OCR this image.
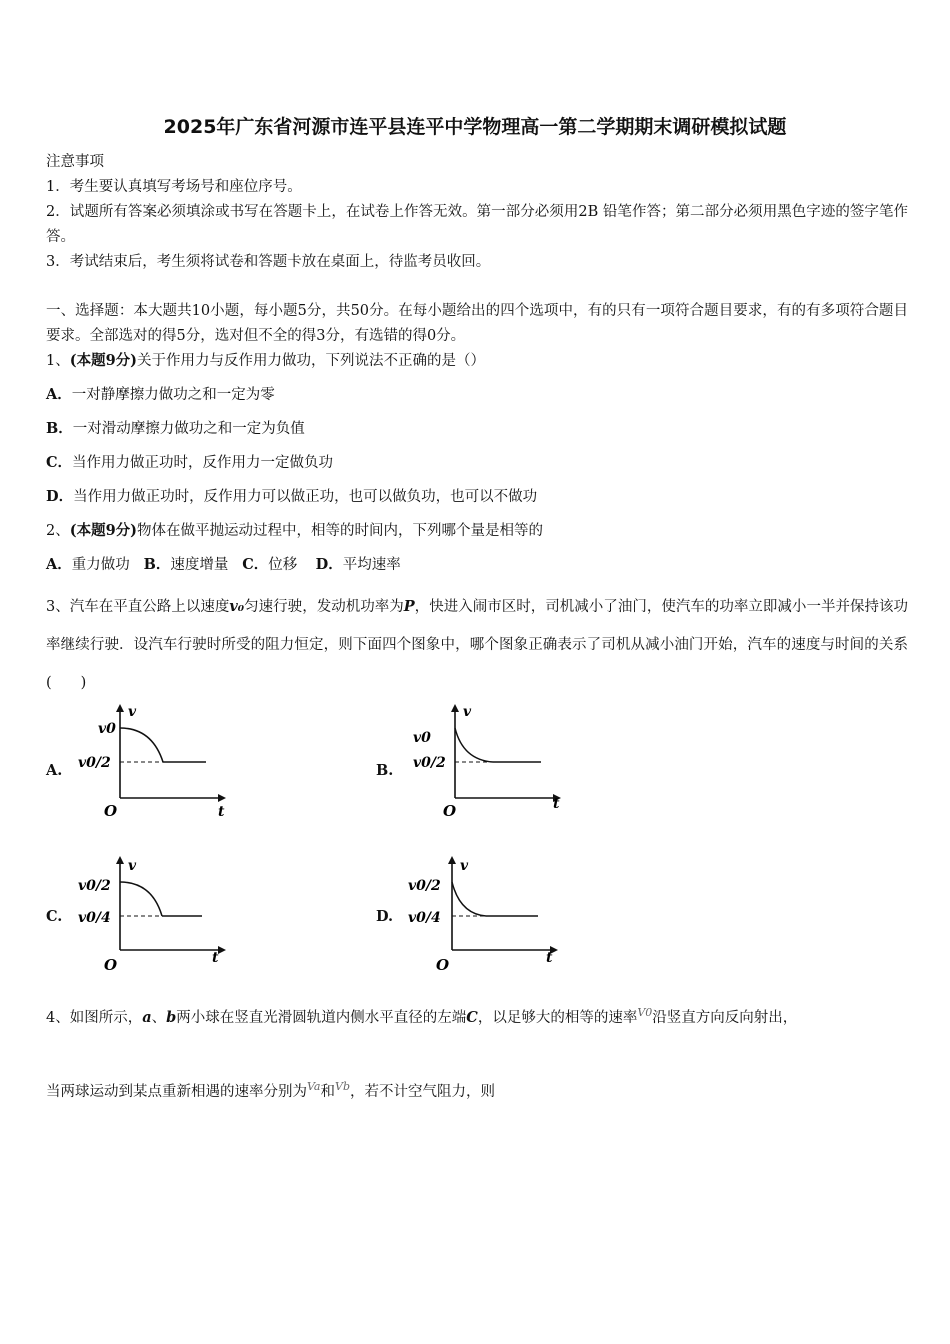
2025年广东省河源市连平县连平中学物理高一第二学期期末调研模拟试题
注意事项
1．考生要认真填写考场号和座位序号。
2．试题所有答案必须填涂或书写在答题卡上，在试卷上作答无效。第一部分必须用2B 铅笔作答；第二部分必须用黑色字迹的签字笔作答。
3．考试结束后，考生须将试卷和答题卡放在桌面上，待监考员收回。
一、选择题：本大题共10小题，每小题5分，共50分。在每小题给出的四个选项中，有的只有一项符合题目要求，有的有多项符合题目要求。全部选对的得5分，选对但不全的得3分，有选错的得0分。
1、(本题9分)关于作用力与反作用力做功，下列说法不正确的是（）
A．一对静摩擦力做功之和一定为零
B．一对滑动摩擦力做功之和一定为负值
C．当作用力做正功时，反作用力一定做负功
D．当作用力做正功时，反作用力可以做正功，也可以做负功，也可以不做功
2、(本题9分)物体在做平抛运动过程中，相等的时间内，下列哪个量是相等的
A．重力做功 B．速度增量 C．位移 D．平均速率
3、汽车在平直公路上以速度v₀匀速行驶，发动机功率为P，快进入闹市区时，司机减小了油门，使汽车的功率立即减小一半并保持该功率继续行驶．设汽车行驶时所受的阻力恒定，则下面四个图象中，哪个图象正确表示了司机从减小油门开始，汽车的速度与时间的关系(　　)
A.	B.
C.	D.
v
t
O
v0
v0/2
v
t
O
v0
v0/2
v
t
O
v0/2
v0/4
v
t
O
v0/2
v0/4
4、如图所示，a、b两小球在竖直光滑圆轨道内侧水平直径的左端C，以足够大的相等的速率$^{V0}$沿竖直方向反向射出，
当两球运动到某点重新相遇的速率分别为$^{Va}$和$^{Vb}$，若不计空气阻力，则
